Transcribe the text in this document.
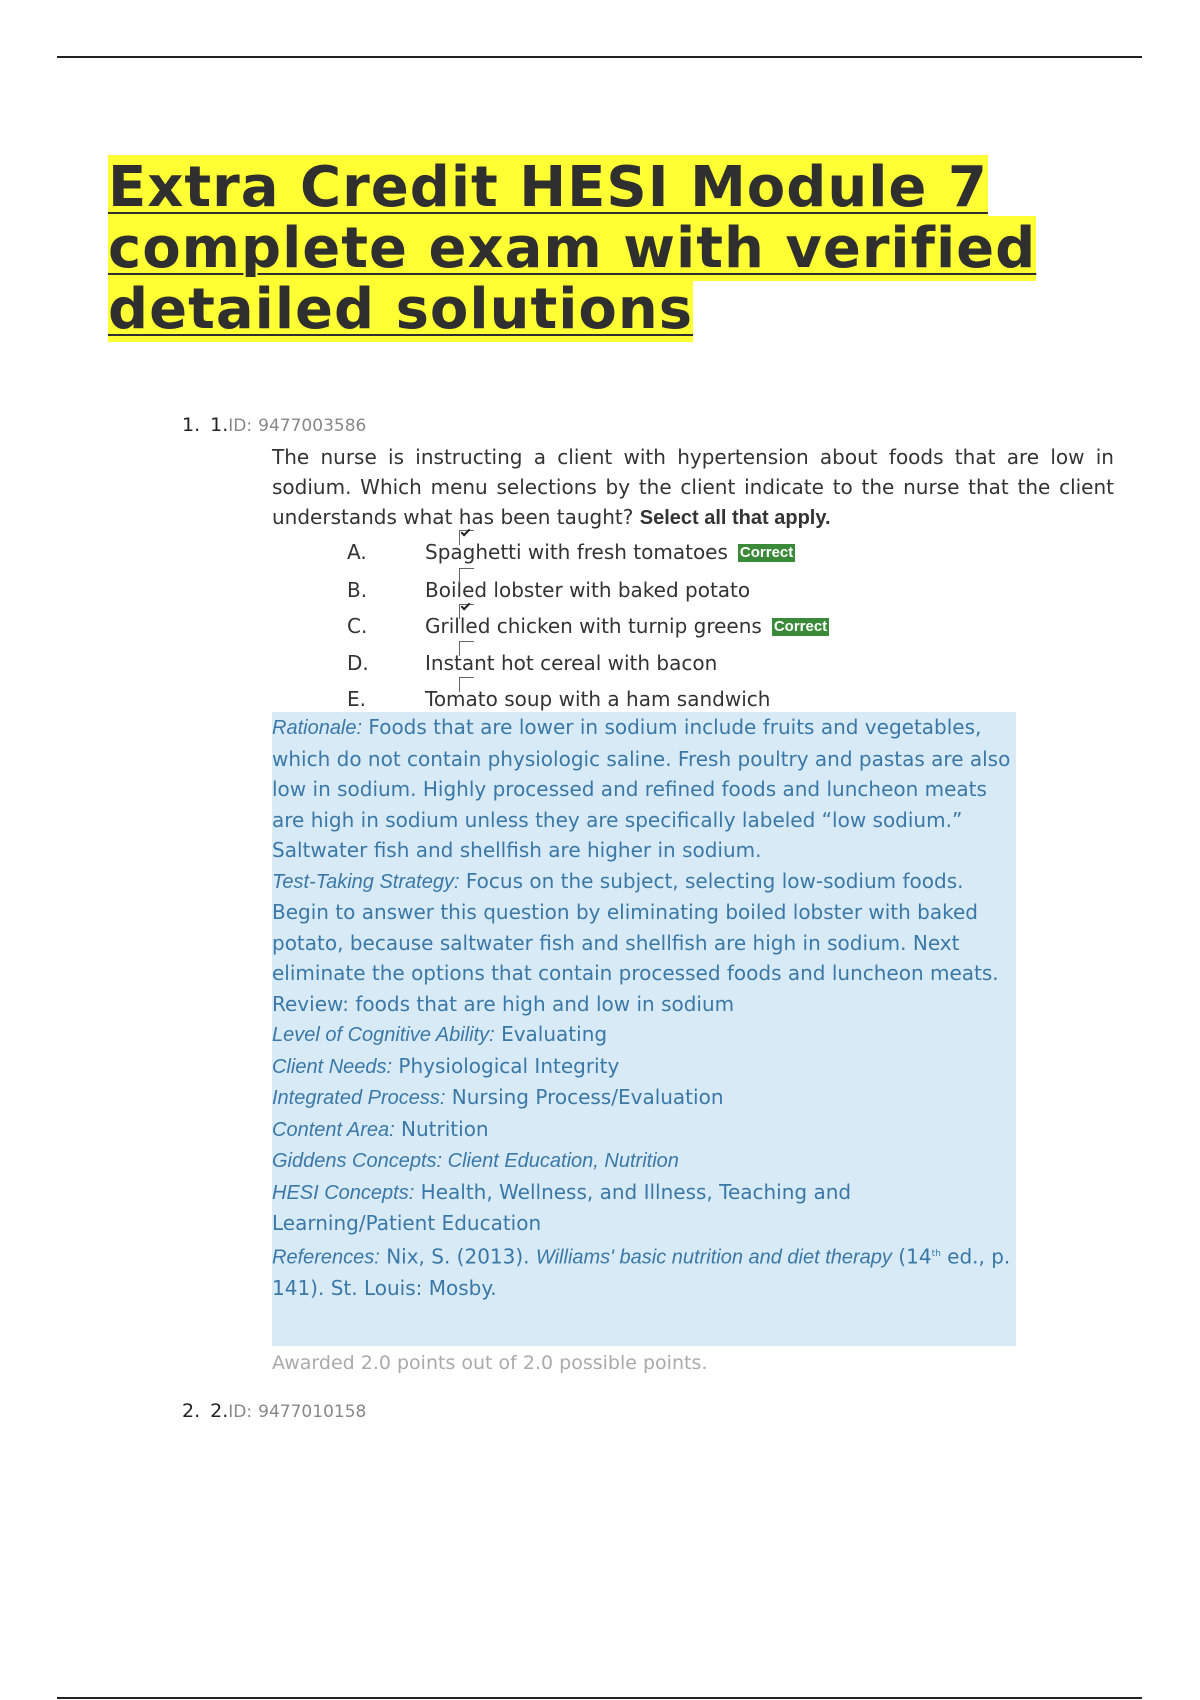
Extra Credit HESI Module 7 complete exam with verified detailed solutions
1. 1.ID: 9477003586

The nurse is instructing a client with hypertension about foods that are low in sodium. Which menu selections by the client indicate to the nurse that the client understands what has been taught? Select all that apply.

A.	Spaghetti with fresh tomatoes Correct
B.	Boiled lobster with baked potato
C.	Grilled chicken with turnip greens Correct
D.	Instant hot cereal with bacon
E.	Tomato soup with a ham sandwich

Rationale: Foods that are lower in sodium include fruits and vegetables, which do not contain physiologic saline. Fresh poultry and pastas are also low in sodium. Highly processed and refined foods and luncheon meats are high in sodium unless they are specifically labeled “low sodium.” Saltwater fish and shellfish are higher in sodium.

Test-Taking Strategy: Focus on the subject, selecting low-sodium foods. Begin to answer this question by eliminating boiled lobster with baked potato, because saltwater fish and shellfish are high in sodium. Next eliminate the options that contain processed foods and luncheon meats. Review: foods that are high and low in sodium

Level of Cognitive Ability: Evaluating

Client Needs: Physiological Integrity

Integrated Process: Nursing Process/Evaluation

Content Area: Nutrition

Giddens Concepts: Client Education, Nutrition

HESI Concepts: Health, Wellness, and Illness, Teaching and Learning/Patient Education

References: Nix, S. (2013). Williams' basic nutrition and diet therapy (14th ed., p. 141). St. Louis: Mosby.

Awarded 2.0 points out of 2.0 possible points.
2. 2.ID: 9477010158
